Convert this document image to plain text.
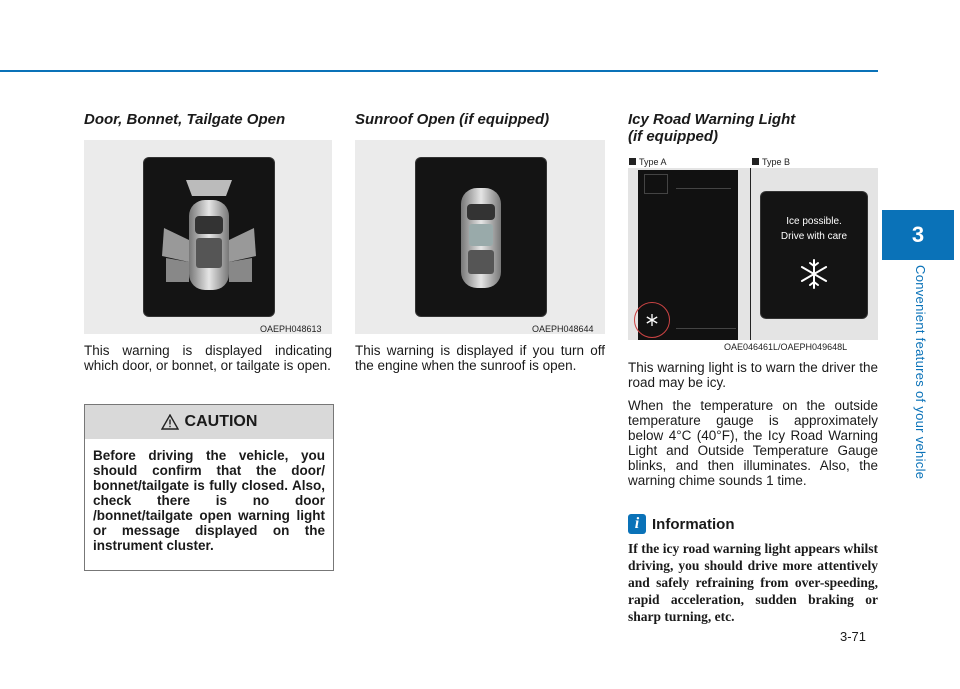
3
Convenient features of your vehicle
Door, Bonnet, Tailgate Open
OAEPH048613
This warning is displayed indicating which door, or bonnet, or tailgate is open.
CAUTION
Before driving the vehicle, you should confirm that the door/ bonnet/tailgate is fully closed. Also, check there is no door /bonnet/tailgate open warning light or message displayed on the instrument cluster.
Sunroof Open (if equipped)
OAEPH048644
This warning is displayed if you turn off the engine when the sunroof is open.
Icy Road Warning Light
(if equipped)
Type A	Type B
Ice possible.
Drive with care
OAE046461L/OAEPH049648L
This warning light is to warn the driver the road may be icy.
When the temperature on the outside temperature gauge is approximately below 4°C (40°F), the Icy Road Warning Light and Outside Temperature Gauge blinks, and then illuminates. Also, the warning chime sounds 1 time.
i Information
If the icy road warning light appears whilst driving, you should drive more attentively and safely refraining from over-speeding, rapid acceleration, sudden braking or sharp turning, etc.
3-71
